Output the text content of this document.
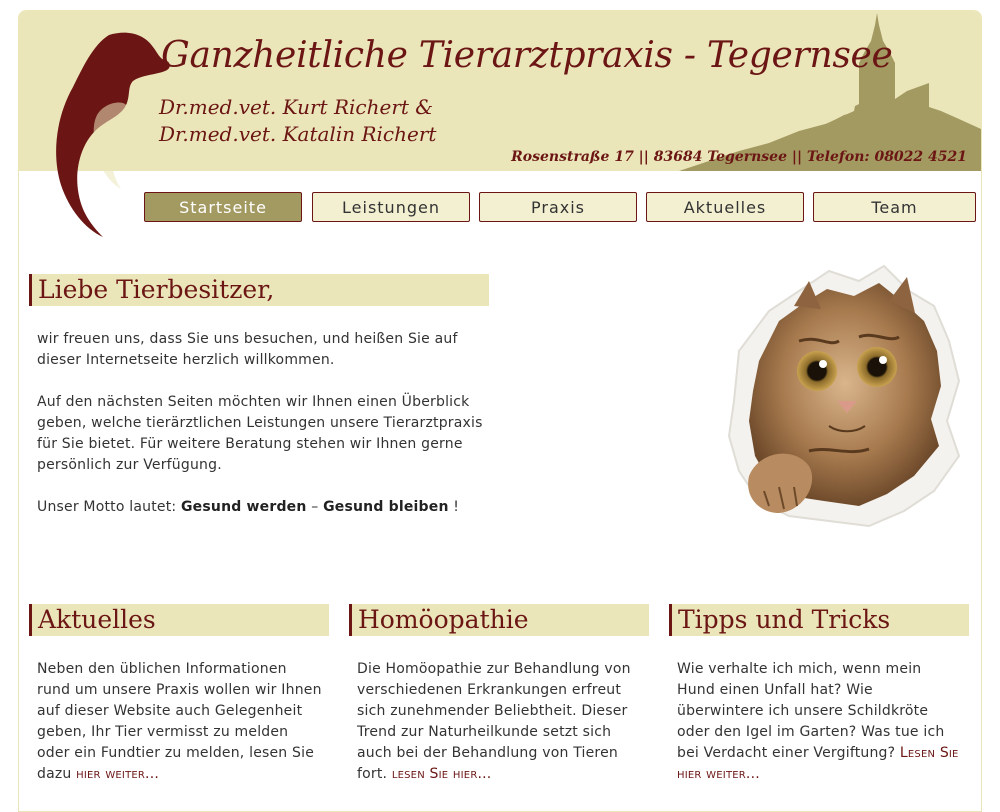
Ganzheitliche Tierarztpraxis - Tegernsee
Dr.med.vet. Kurt Richert &
Dr.med.vet. Katalin Richert
Rosenstraße 17 || 83684 Tegernsee || Telefon: 08022 4521
Startseite	Leistungen	Praxis	Aktuelles	Team
Liebe Tierbesitzer,

wir freuen uns, dass Sie uns besuchen, und heißen Sie auf dieser Internetseite herzlich willkommen.

Auf den nächsten Seiten möchten wir Ihnen einen Überblick geben, welche tierärztlichen Leistungen unsere Tierarztpraxis für Sie bietet. Für weitere Beratung stehen wir Ihnen gerne persönlich zur Verfügung.

Unser Motto lautet: Gesund werden – Gesund bleiben !

Aktuelles
Neben den üblichen Informationen rund um unsere Praxis wollen wir Ihnen auf dieser Website auch Gelegenheit geben, Ihr Tier vermisst zu melden oder ein Fundtier zu melden, lesen Sie dazu hier weiter...
Homöopathie
Die Homöopathie zur Behandlung von verschiedenen Erkrankungen erfreut sich zunehmender Beliebtheit. Dieser Trend zur Naturheilkunde setzt sich auch bei der Behandlung von Tieren fort. lesen Sie hier...
Tipps und Tricks
Wie verhalte ich mich, wenn mein Hund einen Unfall hat? Wie überwintere ich unsere Schildkröte oder den Igel im Garten? Was tue ich bei Verdacht einer Vergiftung? Lesen Sie hier weiter...
